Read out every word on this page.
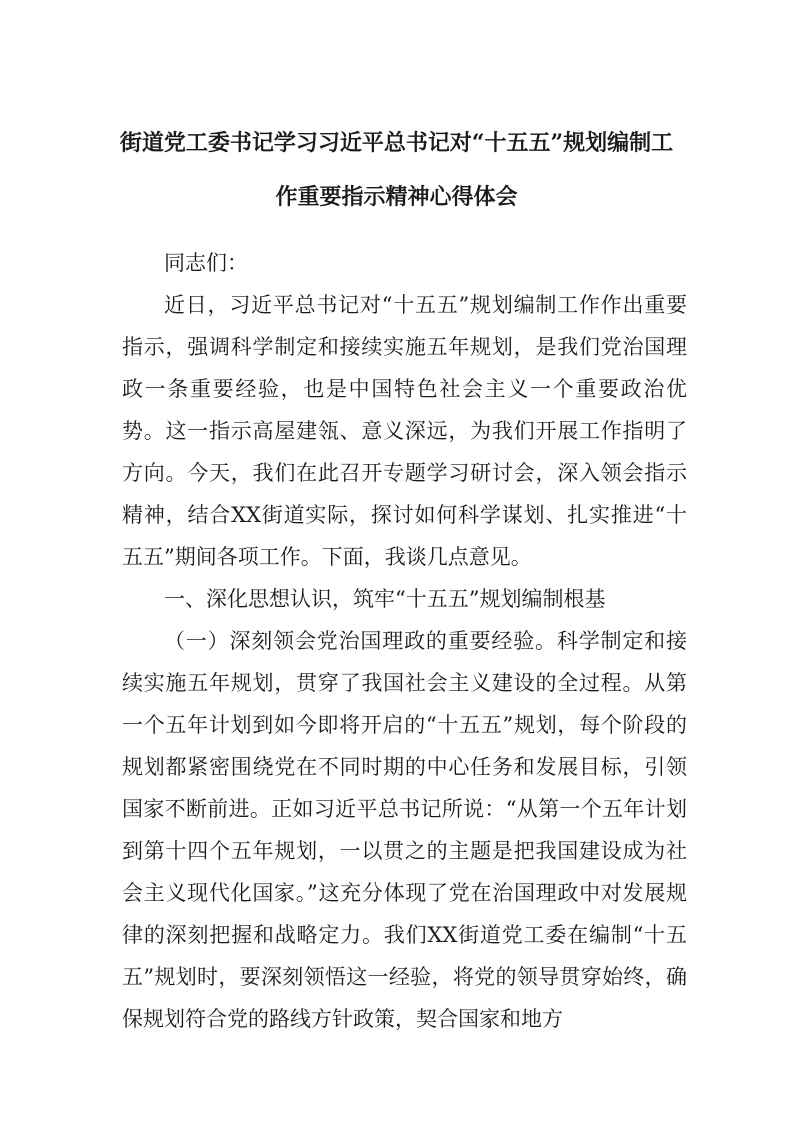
街道党工委书记学习习近平总书记对“十五五”规划编制工
作重要指示精神心得体会

同志们：

近日，习近平总书记对“十五五”规划编制工作作出重要指示，强调科学制定和接续实施五年规划，是我们党治国理政一条重要经验，也是中国特色社会主义一个重要政治优势。这一指示高屋建瓴、意义深远，为我们开展工作指明了方向。今天，我们在此召开专题学习研讨会，深入领会指示精神，结合XX街道实际，探讨如何科学谋划、扎实推进“十五五”期间各项工作。下面，我谈几点意见。

一、深化思想认识，筑牢“十五五”规划编制根基

（一）深刻领会党治国理政的重要经验。科学制定和接续实施五年规划，贯穿了我国社会主义建设的全过程。从第一个五年计划到如今即将开启的“十五五”规划，每个阶段的规划都紧密围绕党在不同时期的中心任务和发展目标，引领国家不断前进。正如习近平总书记所说：“从第一个五年计划到第十四个五年规划，一以贯之的主题是把我国建设成为社会主义现代化国家。”这充分体现了党在治国理政中对发展规律的深刻把握和战略定力。我们XX街道党工委在编制“十五五”规划时，要深刻领悟这一经验，将党的领导贯穿始终，确保规划符合党的路线方针政策，契合国家和地方
